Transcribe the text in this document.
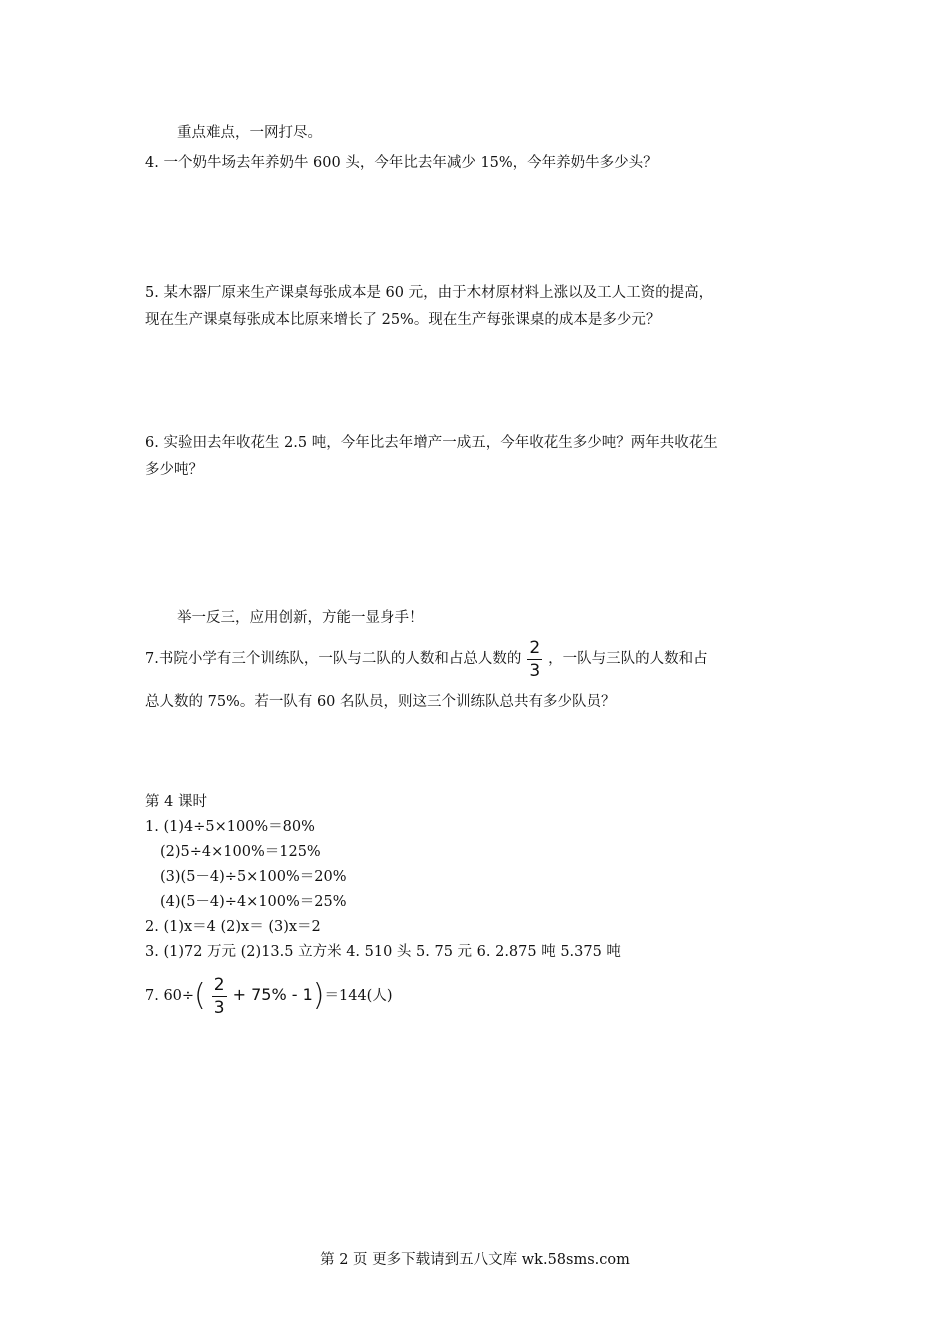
重点难点，一网打尽。
4. 一个奶牛场去年养奶牛 600 头，今年比去年减少 15%，今年养奶牛多少头？
5. 某木器厂原来生产课桌每张成本是 60 元，由于木材原材料上涨以及工人工资的提高，
现在生产课桌每张成本比原来增长了 25%。现在生产每张课桌的成本是多少元？
6. 实验田去年收花生 2.5 吨，今年比去年增产一成五，今年收花生多少吨？两年共收花生
多少吨？
举一反三，应用创新，方能一显身手！
7.书院小学有三个训练队，一队与二队的人数和占总人数的 $\frac{2}{3}$ ，一队与三队的人数和占
总人数的 75%。若一队有 60 名队员，则这三个训练队总共有多少队员？
第 4 课时
1. (1)4÷5×100%＝80%
(2)5÷4×100%＝125%
(3)(5－4)÷5×100%＝20%
(4)(5－4)÷4×100%＝25%
2. (1)x＝4 (2)x＝ (3)x＝2
3. (1)72 万元 (2)13.5 立方米 4. 510 头 5. 75 元 6. 2.875 吨 5.375 吨
7. $60\div( \frac{2}{3} + 75\% - 1)=144$(人)
第 2 页 更多下载请到五八文库 wk.58sms.com
